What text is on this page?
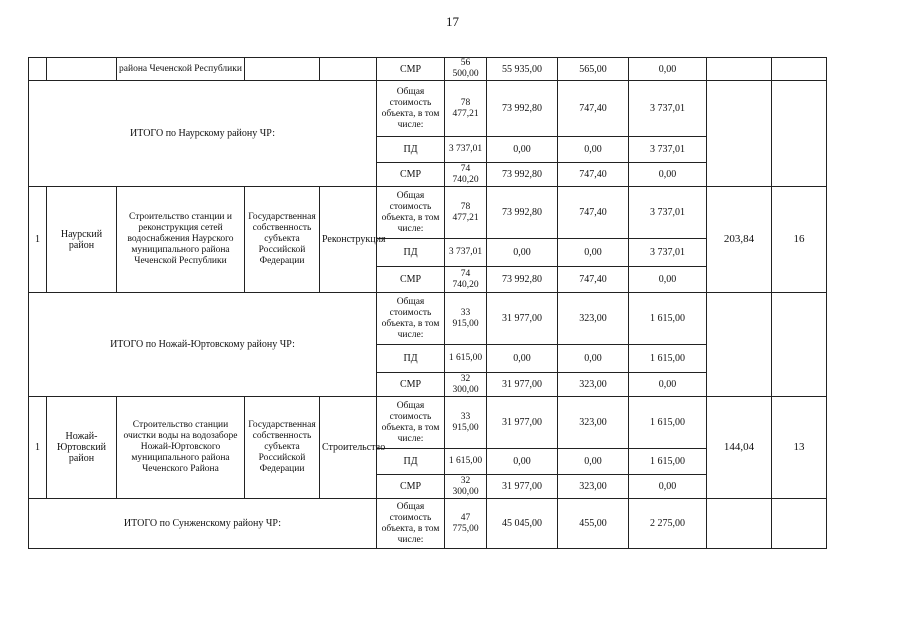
17
		района Чеченской Республики			СМР	56 500,00	55 935,00	565,00	0,00		
ИТОГО по Наурскому району ЧР:					Общая стоимость объекта, в том числе:	78 477,21	73 992,80	747,40	3 737,01		
					ПД	3 737,01	0,00	0,00	3 737,01		
					СМР	74 740,20	73 992,80	747,40	0,00		
1	Наурский район	Строительство станции и реконструкция сетей водоснабжения Наурского муниципального района Чеченской Республики	Государственная собственность субъекта Российской Федерации	Реконструкция	Общая стоимость объекта, в том числе:	78 477,21	73 992,80	747,40	3 737,01	203,84	16
					ПД	3 737,01	0,00	0,00	3 737,01		
					СМР	74 740,20	73 992,80	747,40	0,00		
ИТОГО по Ножай-Юртовскому району ЧР:					Общая стоимость объекта, в том числе:	33 915,00	31 977,00	323,00	1 615,00		
					ПД	1 615,00	0,00	0,00	1 615,00		
					СМР	32 300,00	31 977,00	323,00	0,00		
1	Ножай-Юртовский район	Строительство станции очистки воды на водозаборе Ножай-Юртовского муниципального района Чеченского Района	Государственная собственность субъекта Российской Федерации	Строительство	Общая стоимость объекта, в том числе:	33 915,00	31 977,00	323,00	1 615,00	144,04	13
					ПД	1 615,00	0,00	0,00	1 615,00		
					СМР	32 300,00	31 977,00	323,00	0,00		
ИТОГО по Сунженскому району ЧР:					Общая стоимость объекта, в том числе:	47 775,00	45 045,00	455,00	2 275,00		
